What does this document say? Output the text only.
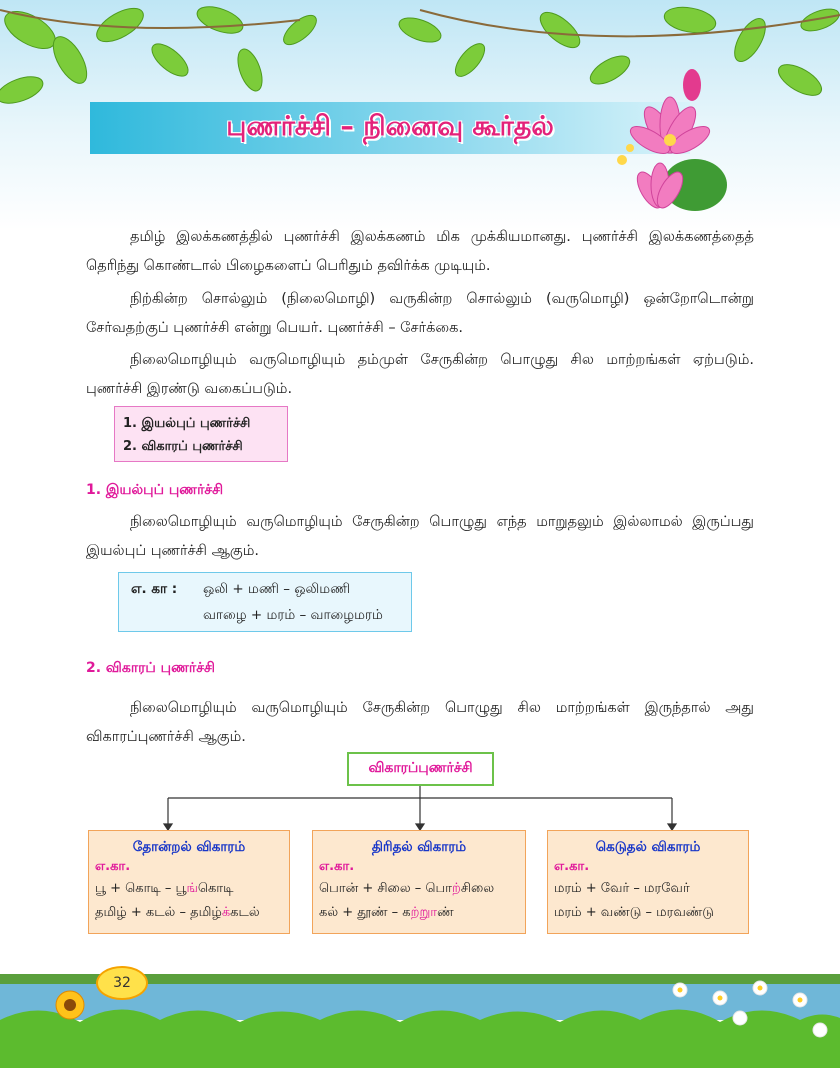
புணர்ச்சி – நினைவு கூர்தல்

தமிழ் இலக்கணத்தில் புணர்ச்சி இலக்கணம் மிக முக்கியமானது. புணர்ச்சி இலக்கணத்தைத் தெரிந்து கொண்டால் பிழைகளைப் பெரிதும் தவிர்க்க முடியும்.

நிற்கின்ற சொல்லும் (நிலைமொழி) வருகின்ற சொல்லும் (வருமொழி) ஒன்றோடொன்று சேர்வதற்குப் புணர்ச்சி என்று பெயர். புணர்ச்சி – சேர்க்கை.

நிலைமொழியும் வருமொழியும் தம்முள் சேருகின்ற பொழுது சில மாற்றங்கள் ஏற்படும். புணர்ச்சி இரண்டு வகைப்படும்.

1. இயல்புப் புணர்ச்சி
2. விகாரப் புணர்ச்சி
1. இயல்புப் புணர்ச்சி

நிலைமொழியும் வருமொழியும் சேருகின்ற பொழுது எந்த மாறுதலும் இல்லாமல் இருப்பது இயல்புப் புணர்ச்சி ஆகும்.

எ. கா : ஒலி + மணி – ஒலிமணி
வாழை + மரம் – வாழைமரம்
2. விகாரப் புணர்ச்சி

நிலைமொழியும் வருமொழியும் சேருகின்ற பொழுது சில மாற்றங்கள் இருந்தால் அது விகாரப்புணர்ச்சி ஆகும்.

விகாரப்புணர்ச்சி
தோன்றல் விகாரம்
எ.கா.
பூ + கொடி – பூங்கொடி
தமிழ் + கடல் – தமிழ்க்கடல்
திரிதல் விகாரம்
எ.கா.
பொன் + சிலை – பொற்சிலை
கல் + தூண் – கற்றுாண்
கெடுதல் விகாரம்
எ.கா.
மரம் + வேர் – மரவேர்
மரம் + வண்டு – மரவண்டு
32
